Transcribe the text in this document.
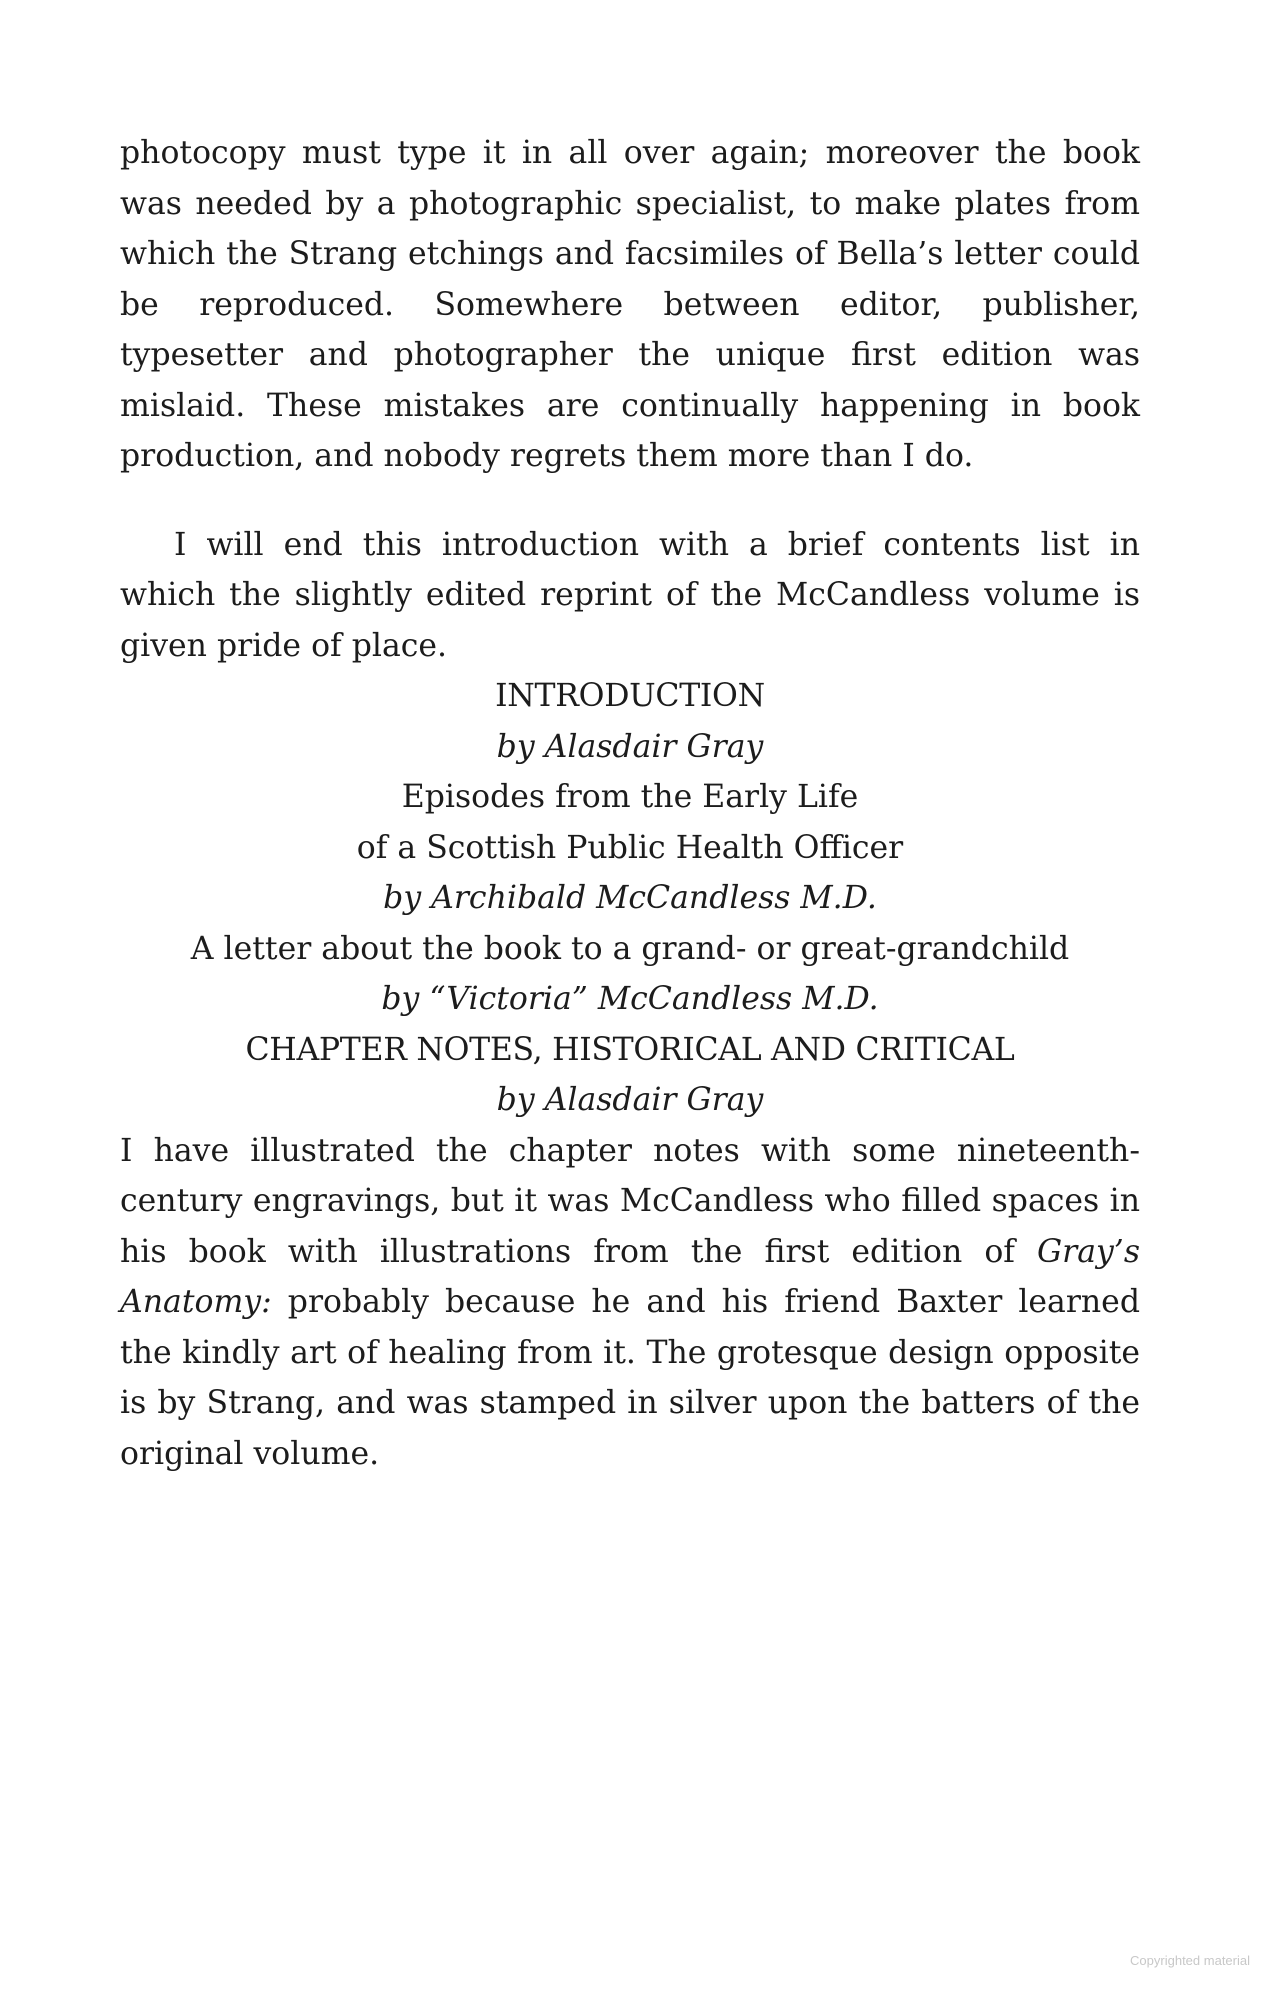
photocopy must type it in all over again; moreover the book was needed by a photographic specialist, to make plates from which the Strang etchings and facsimiles of Bella’s letter could be reproduced. Somewhere between editor, publisher, typesetter and photographer the unique first edition was mislaid. These mistakes are continually happening in book production, and nobody regrets them more than I do.

I will end this introduction with a brief contents list in which the slightly edited reprint of the McCandless volume is given pride of place.

INTRODUCTION
by Alasdair Gray
Episodes from the Early Life
of a Scottish Public Health Officer
by Archibald McCandless M.D.
A letter about the book to a grand- or great-grandchild
by “Victoria” McCandless M.D.
CHAPTER NOTES, HISTORICAL AND CRITICAL
by Alasdair Gray

I have illustrated the chapter notes with some nineteenth-century engravings, but it was McCandless who filled spaces in his book with illustrations from the first edition of Gray’s Anatomy: probably because he and his friend Baxter learned the kindly art of healing from it. The grotesque design opposite is by Strang, and was stamped in silver upon the batters of the original volume.

Copyrighted material
